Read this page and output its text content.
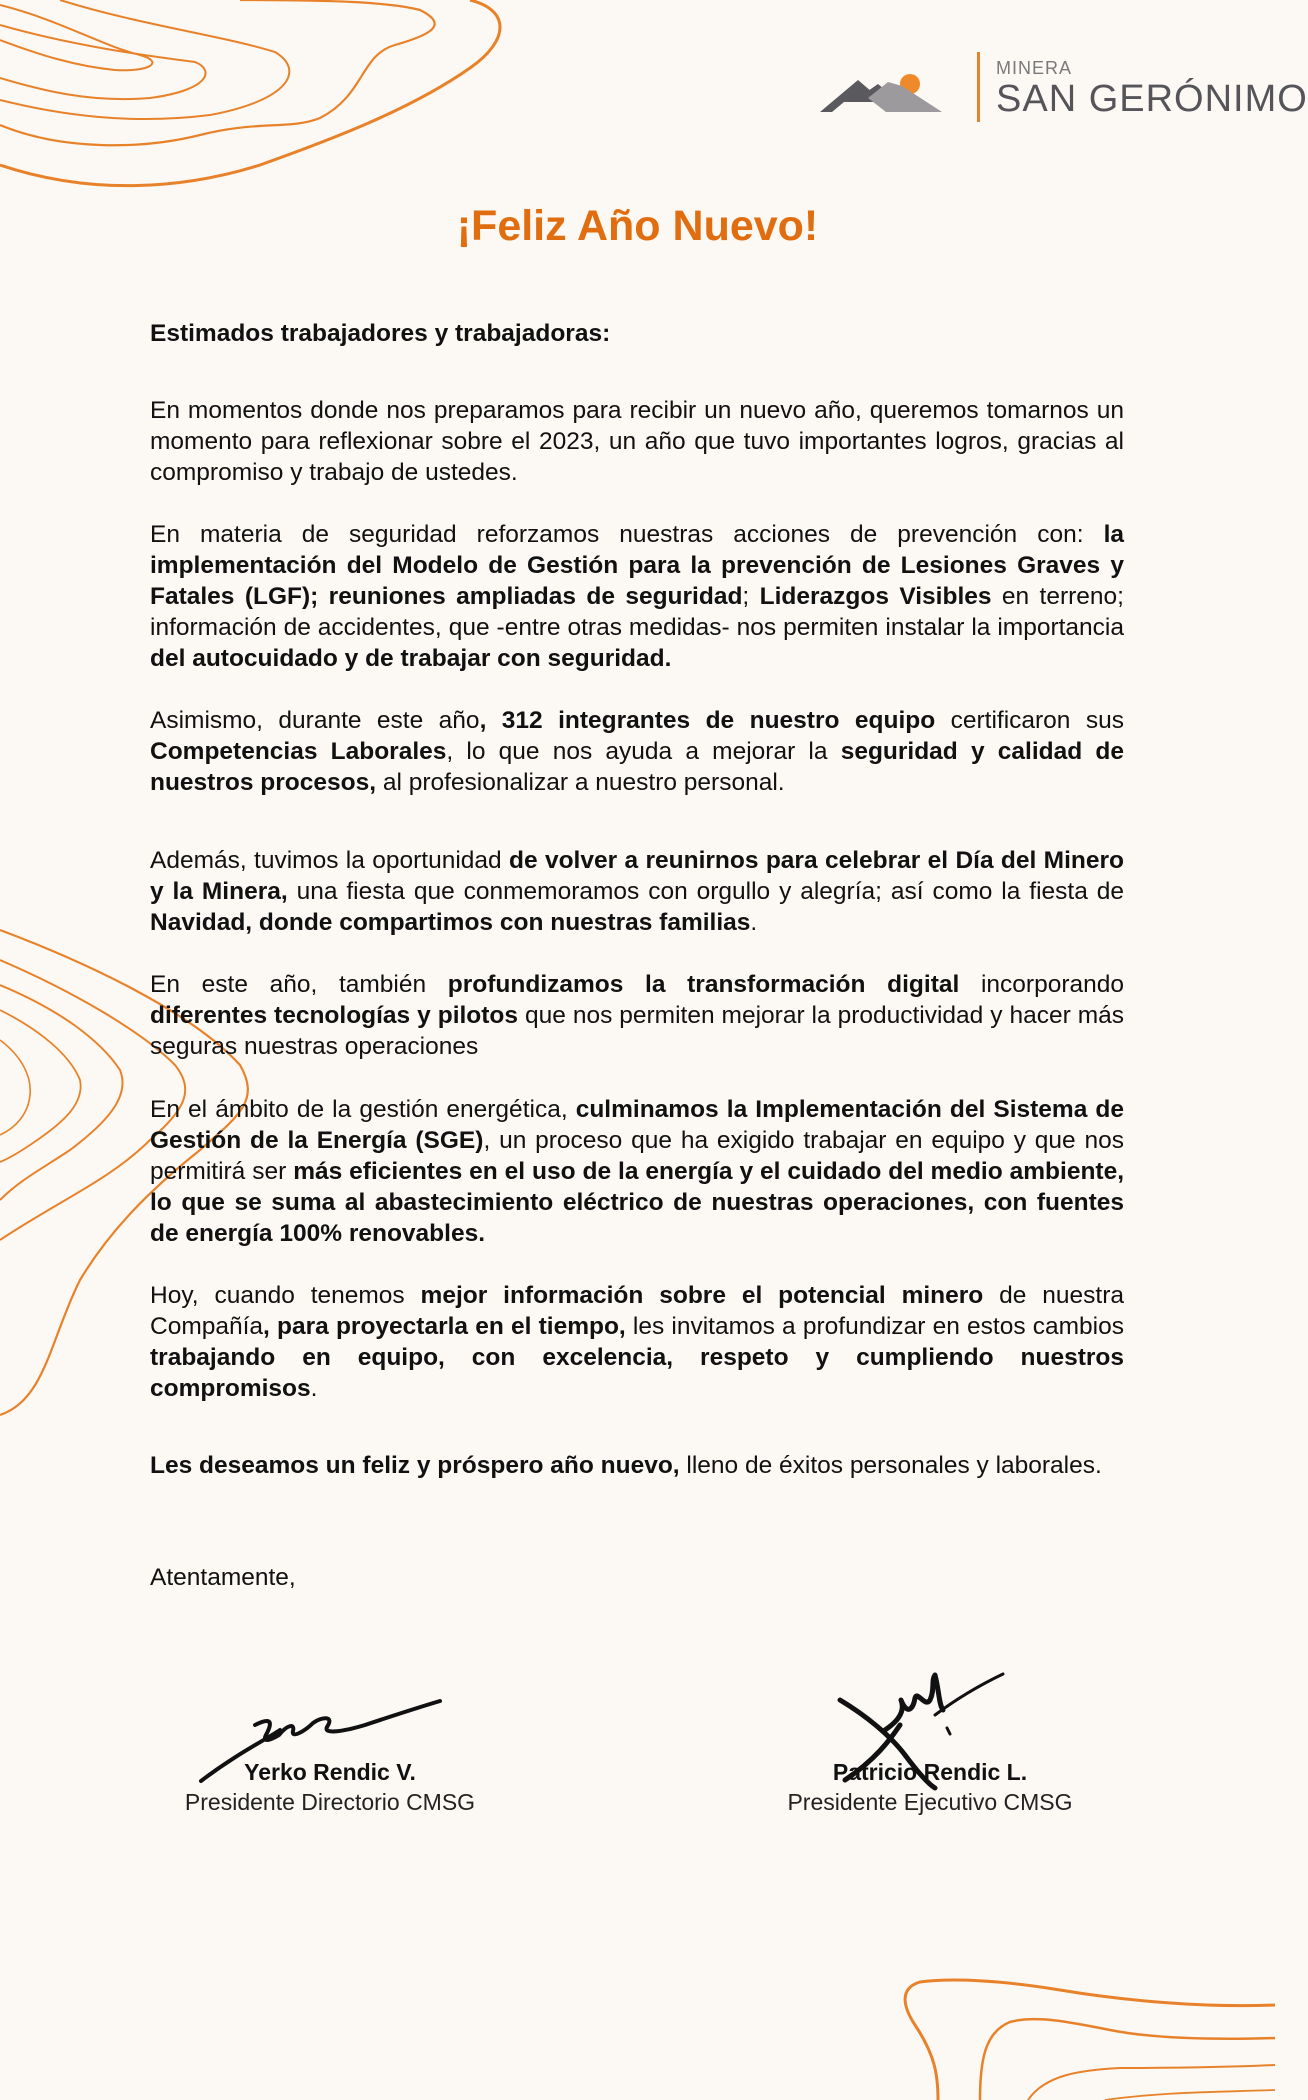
MINERA
SAN GERÓNIMO
¡Feliz Año Nuevo!
Estimados trabajadores y trabajadoras:

En momentos donde nos preparamos para recibir un nuevo año, queremos tomarnos un momento para reflexionar sobre el 2023, un año que tuvo importantes logros, gracias al compromiso y trabajo de ustedes.

En materia de seguridad reforzamos nuestras acciones de prevención con: la implementación del Modelo de Gestión para la prevención de Lesiones Graves y Fatales (LGF); reuniones ampliadas de seguridad; Liderazgos Visibles en terreno; información de accidentes, que -entre otras medidas- nos permiten instalar la importancia del autocuidado y de trabajar con seguridad.

Asimismo, durante este año, 312 integrantes de nuestro equipo certificaron sus Competencias Laborales, lo que nos ayuda a mejorar la seguridad y calidad de nuestros procesos, al profesionalizar a nuestro personal.

Además, tuvimos la oportunidad de volver a reunirnos para celebrar el Día del Minero y la Minera, una fiesta que conmemoramos con orgullo y alegría; así como la fiesta de Navidad, donde compartimos con nuestras familias.

En este año, también profundizamos la transformación digital incorporando diferentes tecnologías y pilotos que nos permiten mejorar la productividad y hacer más seguras nuestras operaciones

En el ámbito de la gestión energética, culminamos la Implementación del Sistema de Gestión de la Energía (SGE), un proceso que ha exigido trabajar en equipo y que nos permitirá ser más eficientes en el uso de la energía y el cuidado del medio ambiente, lo que se suma al abastecimiento eléctrico de nuestras operaciones, con fuentes de energía 100% renovables.

Hoy, cuando tenemos mejor información sobre el potencial minero de nuestra Compañía, para proyectarla en el tiempo, les invitamos a profundizar en estos cambios trabajando en equipo, con excelencia, respeto y cumpliendo nuestros compromisos.

Les deseamos un feliz y próspero año nuevo, lleno de éxitos personales y laborales.

Atentamente,
Yerko Rendic V.
Presidente Directorio CMSG
Patricio Rendic L.
Presidente Ejecutivo CMSG
